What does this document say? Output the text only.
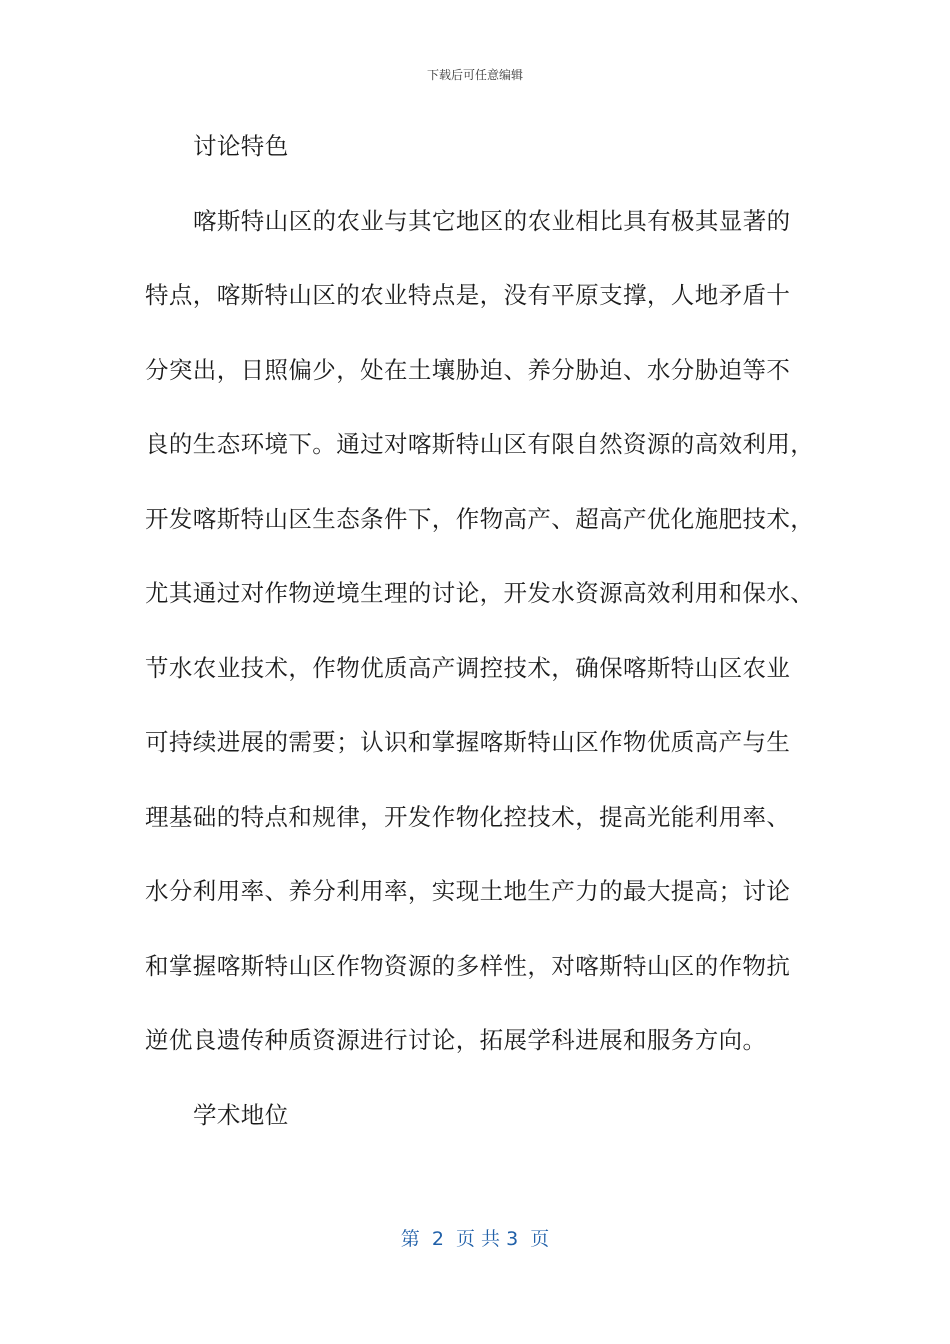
下载后可任意编辑
讨论特色
喀斯特山区的农业与其它地区的农业相比具有极其显著的
特点，喀斯特山区的农业特点是，没有平原支撑，人地矛盾十
分突出，日照偏少，处在土壤胁迫、养分胁迫、水分胁迫等不
良的生态环境下。通过对喀斯特山区有限自然资源的高效利用，
开发喀斯特山区生态条件下，作物高产、超高产优化施肥技术，
尤其通过对作物逆境生理的讨论，开发水资源高效利用和保水、
节水农业技术，作物优质高产调控技术，确保喀斯特山区农业
可持续进展的需要；认识和掌握喀斯特山区作物优质高产与生
理基础的特点和规律，开发作物化控技术，提高光能利用率、
水分利用率、养分利用率，实现土地生产力的最大提高；讨论
和掌握喀斯特山区作物资源的多样性，对喀斯特山区的作物抗
逆优良遗传种质资源进行讨论，拓展学科进展和服务方向。
学术地位
第 2 页 共 3 页
